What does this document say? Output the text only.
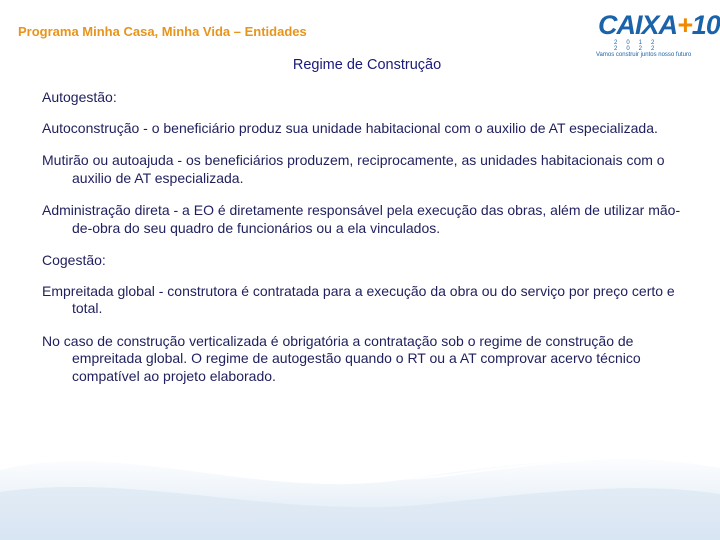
Programa Minha Casa, Minha Vida – Entidades	CAIXA+10
2012 2022
Vamos construir juntos nosso futuro
Regime de Construção

Autogestão:

Autoconstrução - o beneficiário produz sua unidade habitacional com o auxilio de AT especializada.

Mutirão ou autoajuda - os beneficiários produzem, reciprocamente, as unidades habitacionais com o auxilio de AT especializada.

Administração direta - a EO é diretamente responsável pela execução das obras, além de utilizar mão-de-obra do seu quadro de funcionários ou a ela vinculados.

Cogestão:

Empreitada global - construtora é contratada para a execução da obra ou do serviço por preço certo e total.

No caso de construção verticalizada é obrigatória a contratação sob o regime de construção de empreitada global. O regime de autogestão quando o RT ou a AT comprovar acervo técnico compatível ao projeto elaborado.
